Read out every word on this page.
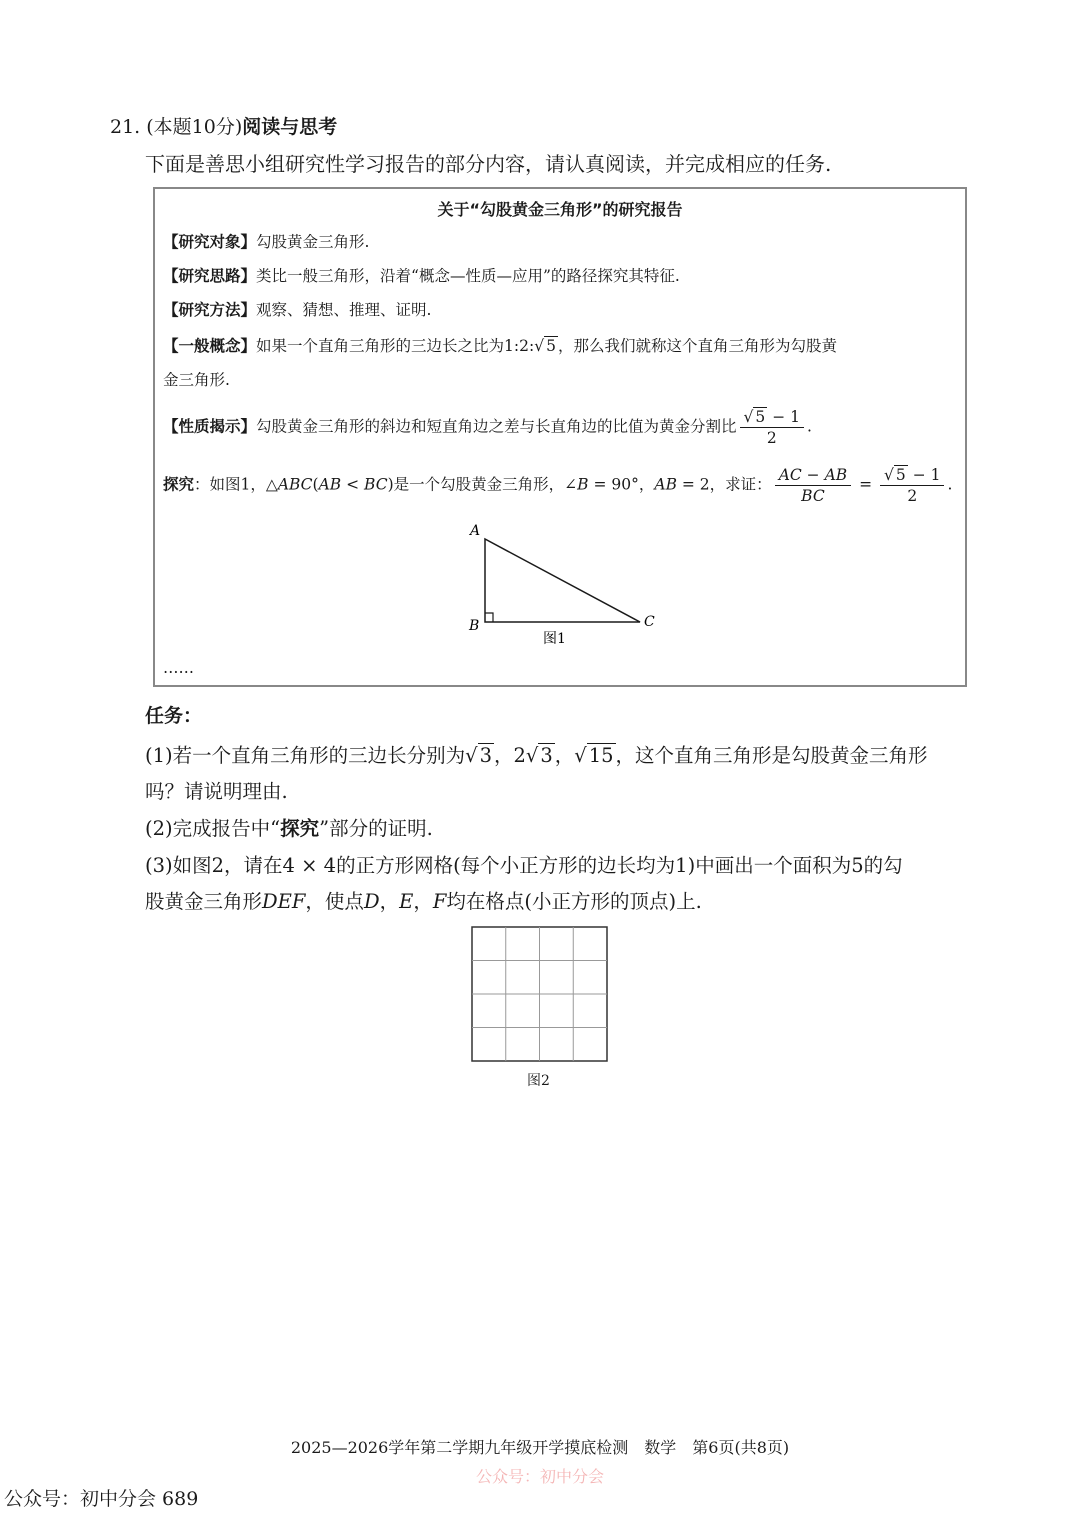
21. (本题10分)阅读与思考
下面是善思小组研究性学习报告的部分内容，请认真阅读，并完成相应的任务.
关于“勾股黄金三角形”的研究报告
【研究对象】勾股黄金三角形.
【研究思路】类比一般三角形，沿着“概念—性质—应用”的路径探究其特征.
【研究方法】观察、猜想、推理、证明.
【一般概念】如果一个直角三角形的三边长之比为1:2:√ 5 ，那么我们就称这个直角三角形为勾股黄
金三角形.
【性质揭示】勾股黄金三角形的斜边和短直角边之差与长直角边的比值为黄金分割比 $\frac{√ 5 - 1}{2}$ .
探究：如图1，△ABC(AB < BC)是一个勾股黄金三角形，∠B = 90°，AB = 2，求证： $\frac{AC - AB}{BC} = \frac{√ 5 - 1}{2}$ .
A
B	C
图1
……
任务：
(1)若一个直角三角形的三边长分别为√ 3 ，2√ 3 ，√ 15 ，这个直角三角形是勾股黄金三角形
吗？请说明理由.
(2)完成报告中“探究”部分的证明.
(3)如图2，请在4 × 4的正方形网格(每个小正方形的边长均为1)中画出一个面积为5的勾
股黄金三角形DEF，使点D，E，F均在格点(小正方形的顶点)上.
图2
2025—2026学年第二学期九年级开学摸底检测　数学　第6页(共8页)
公众号：初中分会
公众号：初中分会 689
